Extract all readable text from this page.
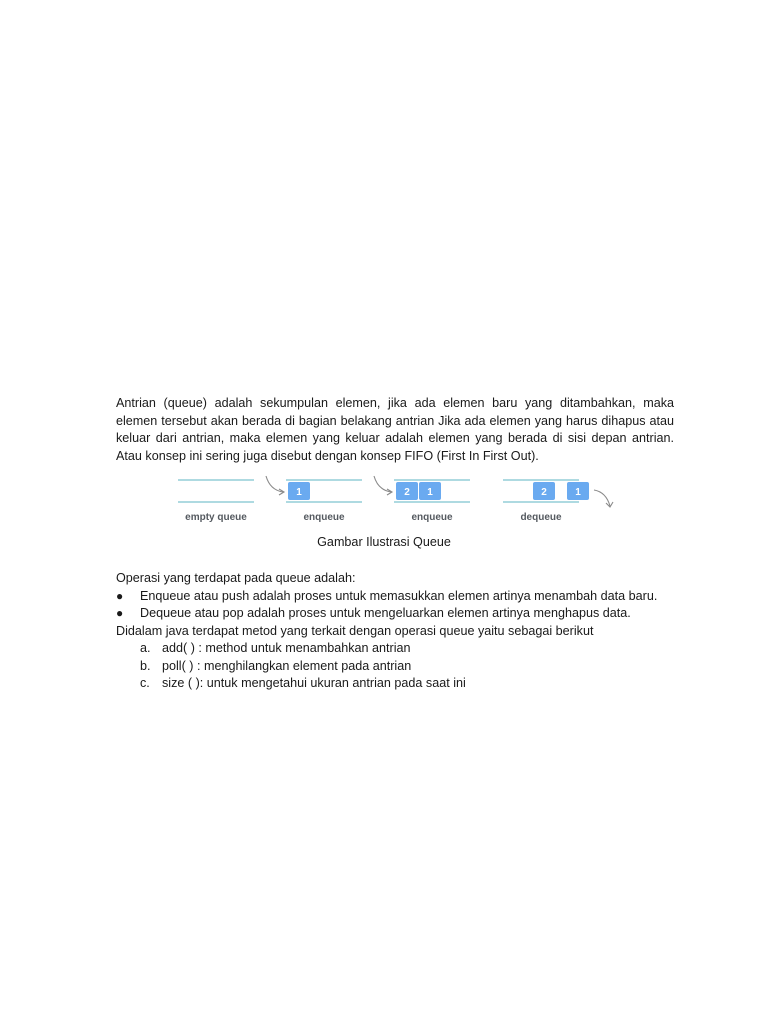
Antrian (queue) adalah sekumpulan elemen, jika ada elemen baru yang ditambahkan, maka
elemen tersebut akan berada di bagian belakang antrian Jika ada elemen yang harus dihapus atau
keluar dari antrian, maka elemen yang keluar adalah elemen yang berada di sisi depan antrian.
Atau konsep ini sering juga disebut dengan konsep FIFO (First In First Out).
empty queue
1
enqueue
2 1
enqueue
2	1
dequeue
Gambar Ilustrasi Queue
Operasi yang terdapat pada queue adalah:
●	Enqueue atau push adalah proses untuk memasukkan elemen artinya menambah data baru.
●	Dequeue atau pop adalah proses untuk mengeluarkan elemen artinya menghapus data.
Didalam java terdapat metod yang terkait dengan operasi queue yaitu sebagai berikut
a. add( ) : method untuk menambahkan antrian
b. poll( ) : menghilangkan element pada antrian
c. size ( ): untuk mengetahui ukuran antrian pada saat ini
